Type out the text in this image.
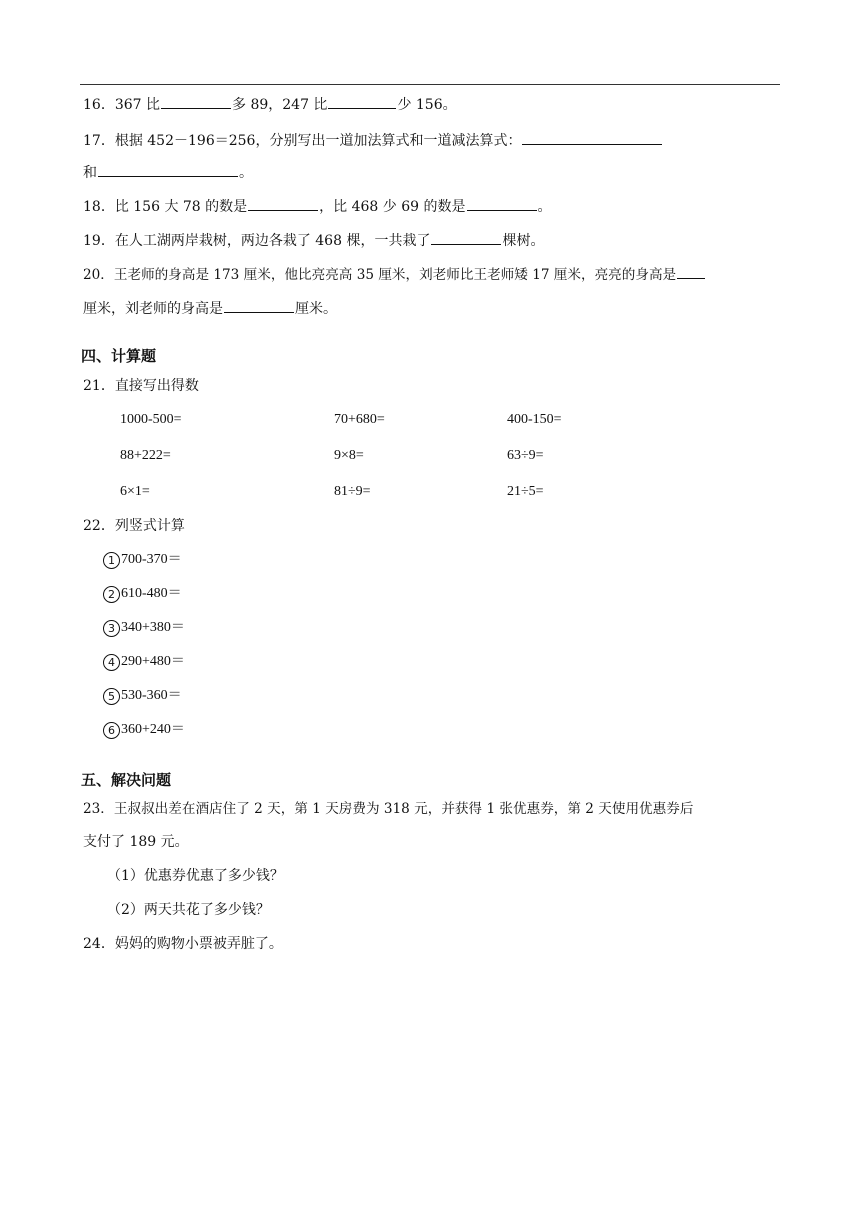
16．367 比	多 89，247 比	少 156。
17．根据 452－196＝256，分别写出一道加法算式和一道减法算式：
和	。
18．比 156 大 78 的数是	，比 468 少 69 的数是	。
19．在人工湖两岸栽树，两边各栽了 468 棵，一共栽了	棵树。
20．王老师的身高是 173 厘米，他比亮亮高 35 厘米，刘老师比王老师矮 17 厘米，亮亮的身高是
厘米，刘老师的身高是	厘米。
四、计算题
21．直接写出得数
1000-500=	70+680=	400-150=
88+222=	9×8=	63÷9=
6×1=	81÷9=	21÷5=
22．列竖式计算
1 700-370＝
2 610-480＝
3 340+380＝
4 290+480＝
5 530-360＝
6 360+240＝
五、解决问题
23．王叔叔出差在酒店住了 2 天，第 1 天房费为 318 元，并获得 1 张优惠券，第 2 天使用优惠券后
支付了 189 元。
（1）优惠券优惠了多少钱？
（2）两天共花了多少钱？
24．妈妈的购物小票被弄脏了。
